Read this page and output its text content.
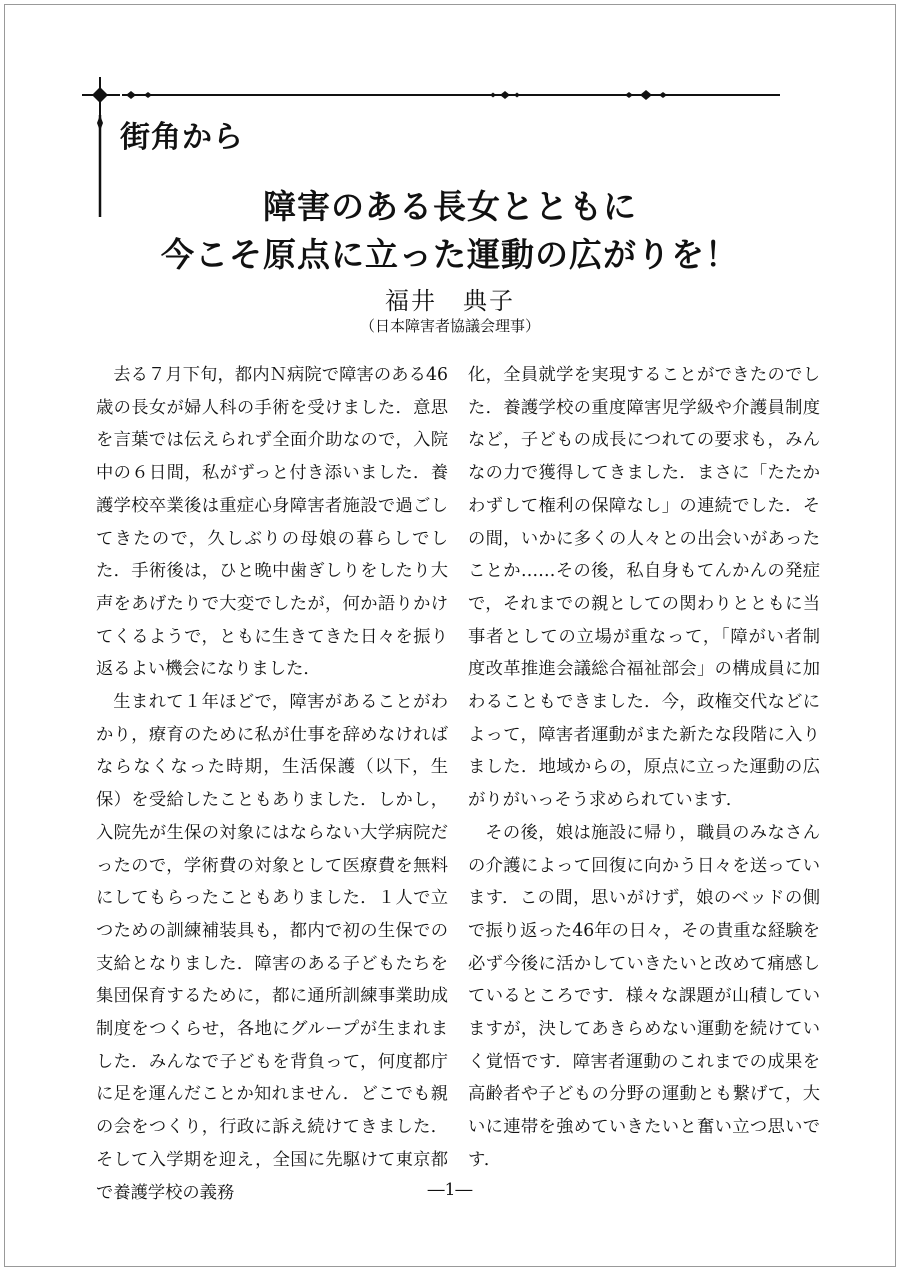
街角から
障害のある長女とともに
今こそ原点に立った運動の広がりを！
福井　典子
（日本障害者協議会理事）

去る７月下旬，都内Ｎ病院で障害のある46歳の長女が婦人科の手術を受けました．意思を言葉では伝えられず全面介助なので，入院中の６日間，私がずっと付き添いました．養護学校卒業後は重症心身障害者施設で過ごしてきたので，久しぶりの母娘の暮らしでした．手術後は，ひと晩中歯ぎしりをしたり大声をあげたりで大変でしたが，何か語りかけてくるようで，ともに生きてきた日々を振り返るよい機会になりました．

生まれて１年ほどで，障害があることがわかり，療育のために私が仕事を辞めなければならなくなった時期，生活保護（以下，生保）を受給したこともありました．しかし，入院先が生保の対象にはならない大学病院だったので，学術費の対象として医療費を無料にしてもらったこともありました．１人で立つための訓練補装具も，都内で初の生保での支給となりました．障害のある子どもたちを集団保育するために，都に通所訓練事業助成制度をつくらせ，各地にグループが生まれました．みんなで子どもを背負って，何度都庁に足を運んだことか知れません．どこでも親の会をつくり，行政に訴え続けてきました．そして入学期を迎え，全国に先駆けて東京都で養護学校の義務

化，全員就学を実現することができたのでした．養護学校の重度障害児学級や介護員制度など，子どもの成長につれての要求も，みんなの力で獲得してきました．まさに「たたかわずして権利の保障なし」の連続でした．その間，いかに多くの人々との出会いがあったことか……その後，私自身もてんかんの発症で，それまでの親としての関わりとともに当事者としての立場が重なって，「障がい者制度改革推進会議総合福祉部会」の構成員に加わることもできました．今，政権交代などによって，障害者運動がまた新たな段階に入りました．地域からの，原点に立った運動の広がりがいっそう求められています．

その後，娘は施設に帰り，職員のみなさんの介護によって回復に向かう日々を送っています．この間，思いがけず，娘のベッドの側で振り返った46年の日々，その貴重な経験を必ず今後に活かしていきたいと改めて痛感しているところです．様々な課題が山積していますが，決してあきらめない運動を続けていく覚悟です．障害者運動のこれまでの成果を高齢者や子どもの分野の運動とも繋げて，大いに連帯を強めていきたいと奮い立つ思いです．

―1―
